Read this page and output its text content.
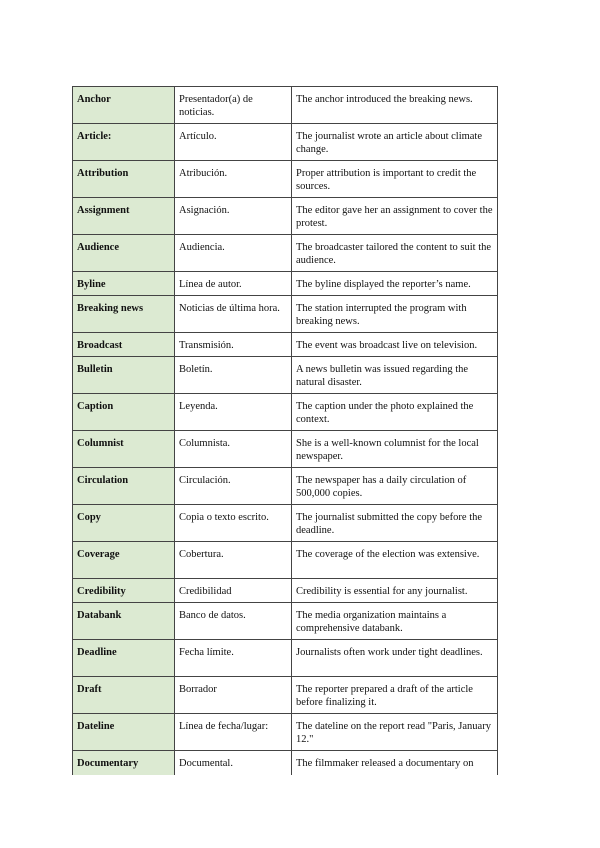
Anchor	Presentador(a) de noticias.	The anchor introduced the breaking news.
Article:	Artículo.	The journalist wrote an article about climate change.
Attribution	Atribución.	Proper attribution is important to credit the sources.
Assignment	Asignación.	The editor gave her an assignment to cover the protest.
Audience	Audiencia.	The broadcaster tailored the content to suit the audience.
Byline	Línea de autor.	The byline displayed the reporter’s name.
Breaking news	Noticias de última hora.	The station interrupted the program with breaking news.
Broadcast	Transmisión.	The event was broadcast live on television.
Bulletin	Boletín.	A news bulletin was issued regarding the natural disaster.
Caption	Leyenda.	The caption under the photo explained the context.
Columnist	Columnista.	She is a well-known columnist for the local newspaper.
Circulation	Circulación.	The newspaper has a daily circulation of 500,000 copies.
Copy	Copia o texto escrito.	The journalist submitted the copy before the deadline.
Coverage	Cobertura.	The coverage of the election was extensive.
Credibility	Credibilidad	Credibility is essential for any journalist.
Databank	Banco de datos.	The media organization maintains a comprehensive databank.
Deadline	Fecha límite.	Journalists often work under tight deadlines.
Draft	Borrador	The reporter prepared a draft of the article before finalizing it.
Dateline	Línea de fecha/lugar:	The dateline on the report read "Paris, January 12."
Documentary	Documental.	The filmmaker released a documentary on
